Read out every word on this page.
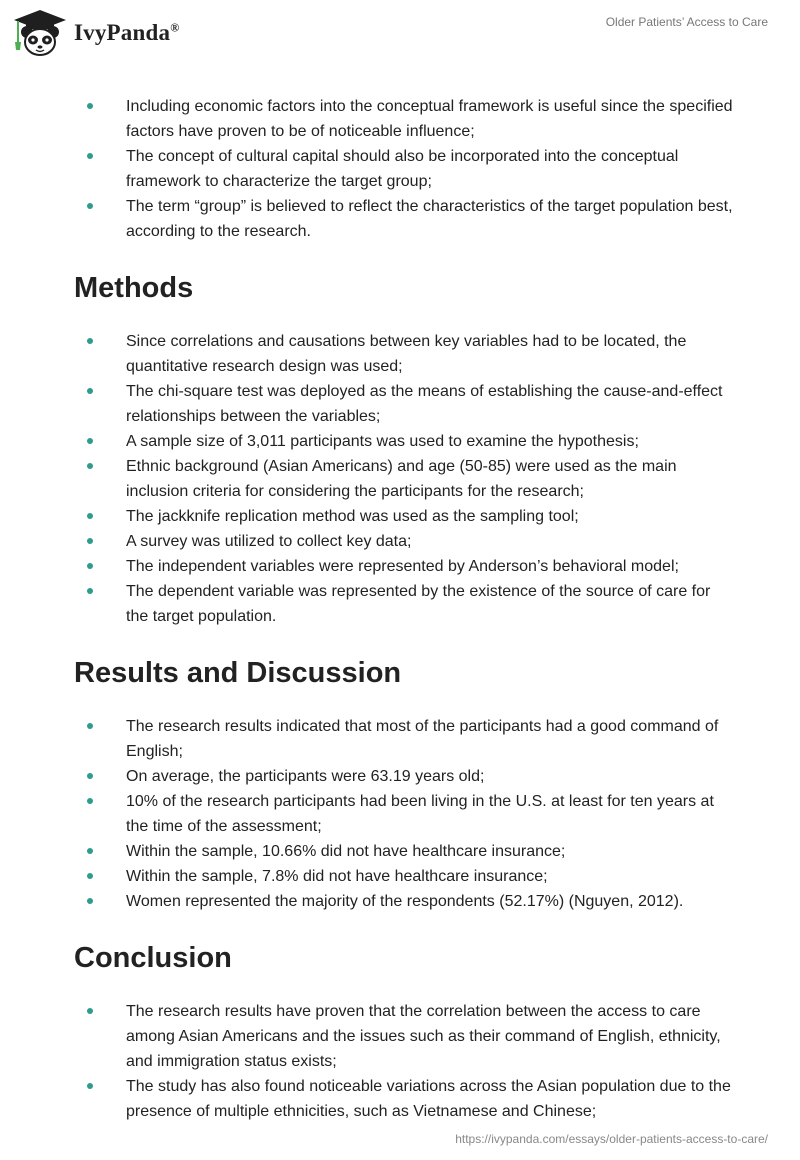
IvyPanda®	Older Patients’ Access to Care
Including economic factors into the conceptual framework is useful since the specified factors have proven to be of noticeable influence;
The concept of cultural capital should also be incorporated into the conceptual framework to characterize the target group;
The term “group” is believed to reflect the characteristics of the target population best, according to the research.
Methods
Since correlations and causations between key variables had to be located, the quantitative research design was used;
The chi-square test was deployed as the means of establishing the cause-and-effect relationships between the variables;
A sample size of 3,011 participants was used to examine the hypothesis;
Ethnic background (Asian Americans) and age (50-85) were used as the main inclusion criteria for considering the participants for the research;
The jackknife replication method was used as the sampling tool;
A survey was utilized to collect key data;
The independent variables were represented by Anderson’s behavioral model;
The dependent variable was represented by the existence of the source of care for the target population.
Results and Discussion
The research results indicated that most of the participants had a good command of English;
On average, the participants were 63.19 years old;
10% of the research participants had been living in the U.S. at least for ten years at the time of the assessment;
Within the sample, 10.66% did not have healthcare insurance;
Within the sample, 7.8% did not have healthcare insurance;
Women represented the majority of the respondents (52.17%) (Nguyen, 2012).
Conclusion
The research results have proven that the correlation between the access to care among Asian Americans and the issues such as their command of English, ethnicity, and immigration status exists;
The study has also found noticeable variations across the Asian population due to the presence of multiple ethnicities, such as Vietnamese and Chinese;
https://ivypanda.com/essays/older-patients-access-to-care/
